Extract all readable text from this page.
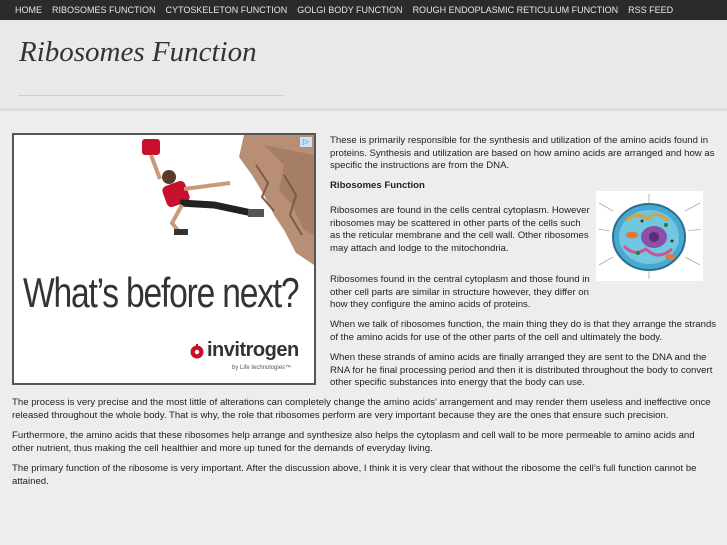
HOME	RIBOSOMES FUNCTION	CYTOSKELETON FUNCTION	GOLGI BODY FUNCTION	ROUGH ENDOPLASMIC RETICULUM FUNCTION	RSS FEED
Ribosomes Function
▷
What’s before next?
invitrogen
by Life technologies™

These is primarily responsible for the synthesis and utilization of the amino acids found in proteins. Synthesis and utilization are based on how amino acids are arranged and how as specific the instructions are from the DNA.

Ribosomes Function

Ribosomes are found in the cells central cytoplasm. However ribosomes may be scattered in other parts of the cells such as the reticular membrane and the cell wall. Other ribosomes may attach and lodge to the mitochondria.

Ribosomes found in the central cytoplasm and those found in other cell parts are similar in structure however, they differ on how they configure the amino acids of proteins.

When we talk of ribosomes function, the main thing they do is that they arrange the strands of the amino acids for use of the other parts of the cell and ultimately the body.

When these strands of amino acids are finally arranged they are sent to the DNA and the RNA for he final processing period and then it is distributed throughout the body to convert other specific substances into energy that the body can use.

The process is very precise and the most little of alterations can completely change the amino acids’ arrangement and may render them useless and ineffective once released throughout the whole body. That is why, the role that ribosomes perform are very important because they are the ones that ensure such precision.

Furthermore, the amino acids that these ribosomes help arrange and synthesize also helps the cytoplasm and cell wall to be more permeable to amino acids and other nutrient, thus making the cell healthier and more up tuned for the demands of everyday living.

The primary function of the ribosome is very important. After the discussion above, I think it is very clear that without the ribosome the cell’s full function cannot be attained.
